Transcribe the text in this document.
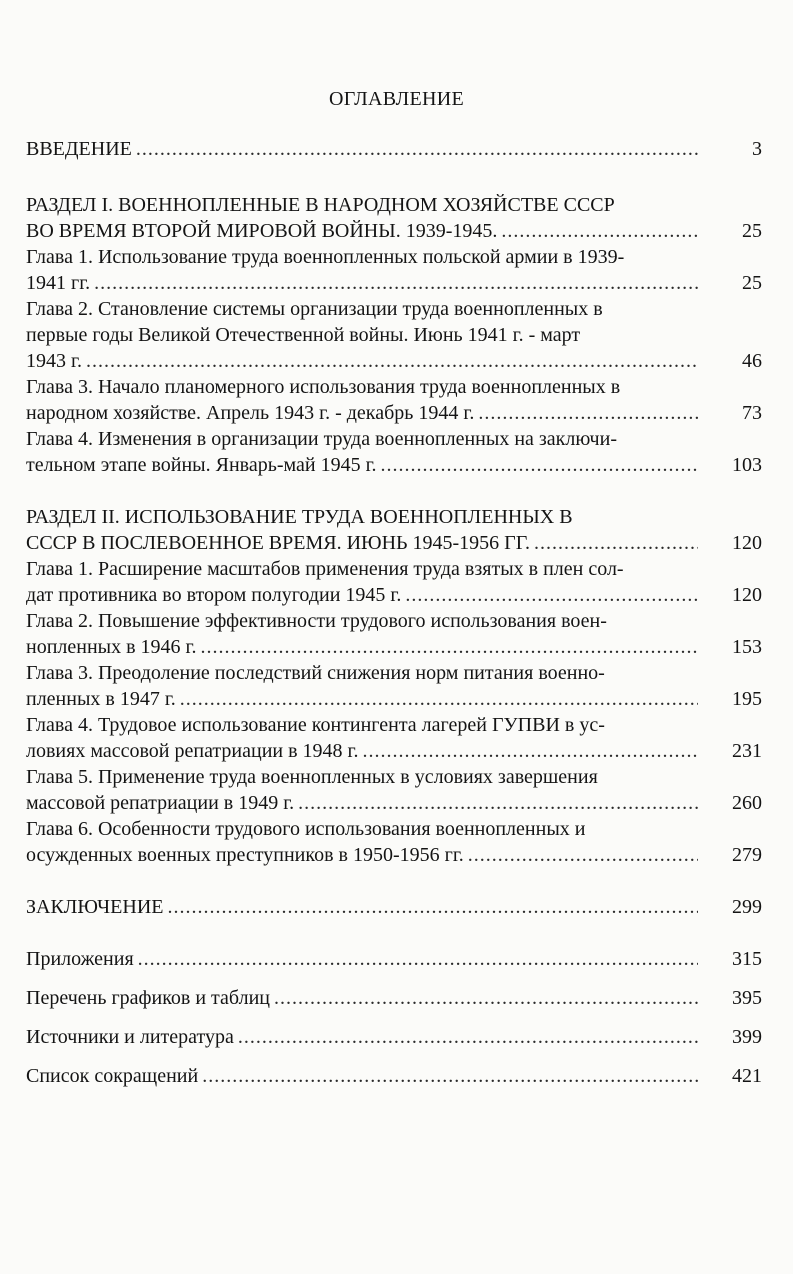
ОГЛАВЛЕНИЕ
ВВЕДЕНИЕ .....	3
РАЗДЕЛ I. ВОЕННОПЛЕННЫЕ В НАРОДНОМ ХОЗЯЙСТВЕ СССР
ВО ВРЕМЯ ВТОРОЙ МИРОВОЙ ВОЙНЫ. 1939-1945. .....	25
Глава 1. Использование труда военнопленных польской армии в 1939-
1941 гг. .....	25
Глава 2. Становление системы организации труда военнопленных в
первые годы Великой Отечественной войны. Июнь 1941 г. - март
1943 г. .....	46
Глава 3. Начало планомерного использования труда военнопленных в
народном хозяйстве. Апрель 1943 г. - декабрь 1944 г. .....	73
Глава 4. Изменения в организации труда военнопленных на заключи-
тельном этапе войны. Январь-май 1945 г. .....	103
РАЗДЕЛ II. ИСПОЛЬЗОВАНИЕ ТРУДА ВОЕННОПЛЕННЫХ В
СССР В ПОСЛЕВОЕННОЕ ВРЕМЯ. ИЮНЬ 1945-1956 ГГ. .....	120
Глава 1. Расширение масштабов применения труда взятых в плен сол-
дат противника во втором полугодии 1945 г. .....	120
Глава 2. Повышение эффективности трудового использования воен-
нопленных в 1946 г. .....	153
Глава 3. Преодоление последствий снижения норм питания военно-
пленных в 1947 г. .....	195
Глава 4. Трудовое использование контингента лагерей ГУПВИ в ус-
ловиях массовой репатриации в 1948 г. .....	231
Глава 5. Применение труда военнопленных в условиях завершения
массовой репатриации в 1949 г. .....	260
Глава 6. Особенности трудового использования военнопленных и
осужденных военных преступников в 1950-1956 гг. .....	279
ЗАКЛЮЧЕНИЕ .....	299
Приложения .....	315
Перечень графиков и таблиц .....	395
Источники и литература .....	399
Список сокращений .....	421
